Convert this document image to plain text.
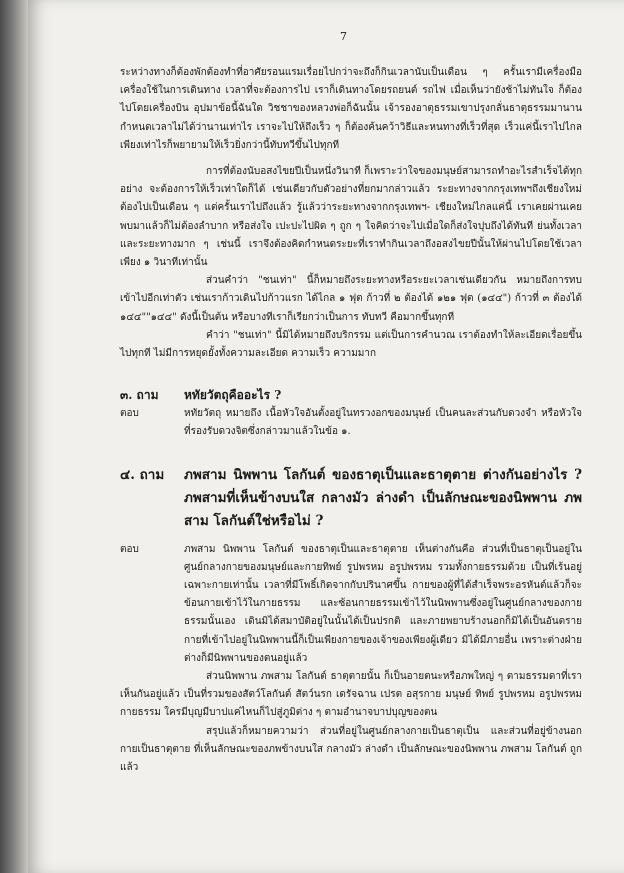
7

ระหว่างทางก็ต้องพักต้องทำที่อาศัยรอนแรมเรื่อยไปกว่าจะถึงก็กินเวลานับเป็นเดือน ๆ ครั้นเรามีเครื่องมือเครื่องใช้ในการเดินทาง เวลาที่จะต้องการไป เราก็เดินทางโดยรถยนต์ รถไฟ เมื่อเห็นว่ายังช้าไม่ทันใจ ก็ต้องไปโดยเครื่องบิน อุปมาข้อนี้ฉันใด วิชชาของหลวงพ่อก็ฉันนั้น เจ้ารองอาตุธรรมเขาปรุงกลั่นธาตุธรรมมานานกำหนดเวลาไม่ได้ว่านานเท่าไร เราจะไปให้ถึงเร็ว ๆ ก็ต้องค้นคว้าวิธีและหนทางที่เร็วที่สุด เร็วแค่นี้เราไปไกลเพียงเท่าไรก็พยายามให้เร็วยิ่งกว่านี้ทับทวีขึ้นไปทุกที

การที่ต้องนับอสงไขยปีเป็นหนึ่งวินาที ก็เพราะว่าใจของมนุษย์สามารถทำอะไรสำเร็จได้ทุกอย่าง จะต้องการให้เร็วเท่าใดก็ได้ เช่นเดียวกับตัวอย่างที่ยกมากล่าวแล้ว ระยะทางจากกรุงเทพฯถึงเชียงใหม่ต้องไปเป็นเดือน ๆ แต่ครั้นเราไปถึงแล้ว รู้แล้วว่าระยะทางจากกรุงเทพฯ- เชียงใหม่ไกลแค่นี้ เราเคยผ่านเคยพบมาแล้วก็ไม่ต้องลำบาก หรือส่งใจ เปะปะไปผิด ๆ ถูก ๆ ใจคิดว่าจะไปเมื่อใดก็ส่งใจปุบถึงได้ทันที ย่นทั้งเวลาและระยะทางมาก ๆ เช่นนี้ เราจึงต้องคิดกำหนดระยะที่เราทำกินเวลาถึงอสงไขยปีนั้นให้ผ่านไปโดยใช้เวลาเพียง ๑ วินาทีเท่านั้น

ส่วนคำว่า "ชนเท่า" นี้ก็หมายถึงระยะทางหรือระยะเวลาเช่นเดียวกัน หมายถึงการทบเข้าไปอีกเท่าตัว เช่นเราก้าวเดินไปก้าวแรก ได้ไกล ๑ ฟุต ก้าวที่ ๒ ต้องได้ ๑๒๑ ฟุต (๑๔๔") ก้าวที่ ๓ ต้องได้ ๑๔๔""๑๔๔" ดังนี้เป็นต้น หรือบางทีเราก็เรียกว่าเป็นการ ทับทวี คือมากขึ้นทุกที

คำว่า "ชนเท่า" นี้มิได้หมายถึงบริกรรม แต่เป็นการคำนวณ เราต้องทำให้ละเอียดเรื่อยขึ้นไปทุกที ไม่มีการหยุดยั้งทั้งความละเอียด ความเร็ว ความมาก

๓. ถาม	หทัยวัตถุคืออะไร ?
ตอบ	หทัยวัตถุ หมายถึง เนื้อหัวใจอันตั้งอยู่ในทรวงอกของมนุษย์ เป็นคนละส่วนกับดวงจำ หรือหัวใจที่รองรับดวงจิตซึ่งกล่าวมาแล้วในข้อ ๑.
๔. ถาม	ภพสาม นิพพาน โลกันต์ ของธาตุเป็นและธาตุตาย ต่างกันอย่างไร ? ภพสามที่เห็นข้างบนใส กลางมัว ล่างดำ เป็นลักษณะของนิพพาน ภพสาม โลกันต์ใช่หรือไม่ ?
ตอบ	ภพสาม นิพพาน โลกันต์ ของธาตุเป็นและธาตุตาย เห็นต่างกันคือ ส่วนที่เป็นธาตุเป็นอยู่ในศูนย์กลางกายของมนุษย์และกายทิพย์ รูปพรหม อรูปพรหม รวมทั้งกายธรรมด้วย เป็นที่เร้นอยู่เฉพาะกายเท่านั้น เวลาที่มีโพธิ์เกิดจากกับปรินาศขึ้น กายของผู้ที่ได้สำเร็จพระอรหันต์แล้วก็จะข้อนกายเข้าไว้ในกายธรรม และซ้อนกายธรรมเข้าไว้ในนิพพานซึ่งอยู่ในศูนย์กลางของกายธรรมนั้นเอง เดินมิได้สมาบัติอยู่ในนั้นได้เป็นปรกติ และภายพยาบร้างนอกก็มิได้เป็นอันตราย กายที่เข้าไปอยู่ในนิพพานนี้ก็เป็นเพียงกายของเจ้าของเพียงผู้เดียว มิได้มีภายอื่น เพราะต่างฝ่ายต่างก็มีนิพพานของตนอยู่แล้ว

ส่วนนิพพาน ภพสาม โลกันต์ ธาตุตายนั้น ก็เป็นอายตนะหรือภพใหญ่ ๆ ตามธรรมดาที่เราเห็นกันอยู่แล้ว เป็นที่รวมของสัตว์โลกันต์ สัตว์นรก เดรัจฉาน เปรต อสุรกาย มนุษย์ ทิพย์ รูปพรหม อรูปพรหม กายธรรม ใครมีบุญมีบาปแค่ไหนก็ไปสู่ภูมิต่าง ๆ ตามอำนาจบาปบุญของตน

สรุปแล้วก็หมายความว่า ส่วนที่อยู่ในศูนย์กลางกายเป็นธาตุเป็น และส่วนที่อยู่ข้างนอกกายเป็นธาตุตาย ที่เห็นลักษณะของภพข้างบนใส กลางมัว ล่างดำ เป็นลักษณะของนิพพาน ภพสาม โลกันต์ ถูกแล้ว
